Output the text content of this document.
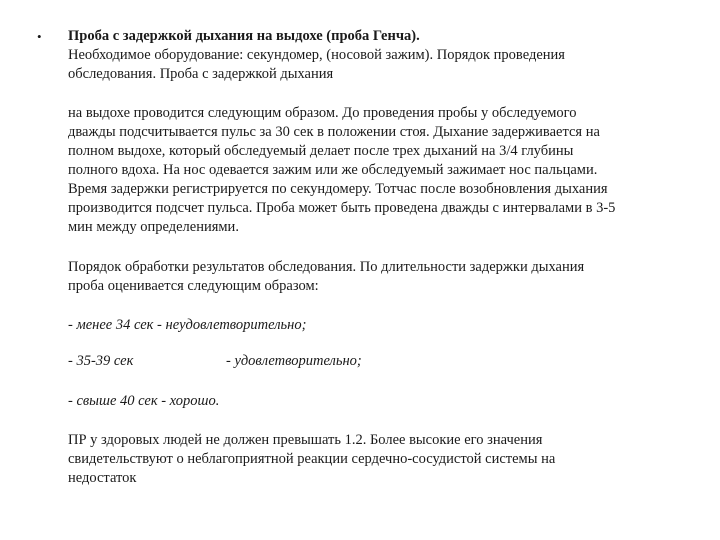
• Проба с задержкой дыхания на выдохе (проба Генча).
Необходимое оборудование: секундомер, (носовой зажим). Порядок проведения
обследования. Проба с задержкой дыхания
на выдохе проводится следующим образом. До проведения пробы у обследуемого
дважды подсчитывается пульс за 30 сек в положении стоя. Дыхание задерживается на
полном выдохе, который обследуемый делает после трех дыханий на 3/4 глубины
полного вдоха. На нос одевается зажим или же обследуемый зажимает нос пальцами.
Время задержки регистрируется по секундомеру. Тотчас после возобновления дыхания
производится подсчет пульса. Проба может быть проведена дважды с интервалами в 3-5
мин между определениями.
Порядок обработки результатов обследования. По длительности задержки дыхания
проба оценивается следующим образом:
- менее 34 сек - неудовлетворительно;
- 35-39 сек	- удовлетворительно;
- свыше 40 сек - хорошо.
ПР у здоровых людей не должен превышать 1.2. Более высокие его значения
свидетельствуют о неблагоприятной реакции сердечно-сосудистой системы на
недостаток
